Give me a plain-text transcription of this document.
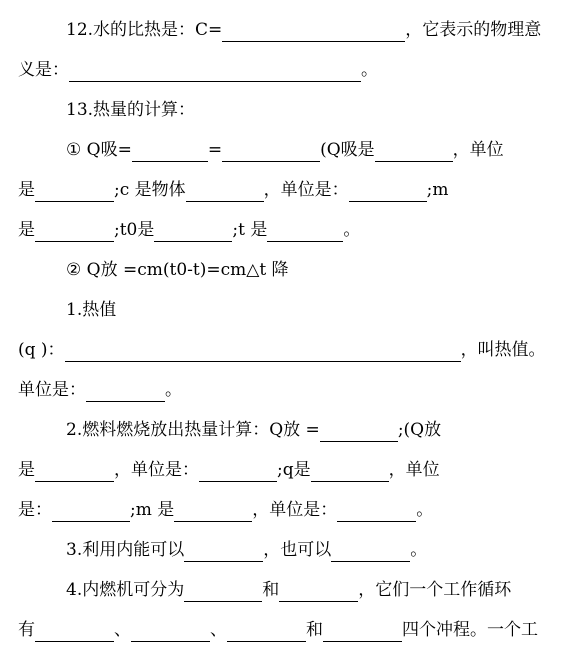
12.水的比热是：C=	，它表示的物理意
义是：	。
13.热量的计算：
① Q吸=	=	(Q吸是	，单位
是	;c 是物体	，单位是：	;m
是	;t0是	;t 是	。
② Q放 =cm(t0-t)=cm△t 降
1.热值
(q )：	，叫热值。
单位是：	。
2.燃料燃烧放出热量计算：Q放 =	;(Q放
是	，单位是：	;q是	，单位
是：	;m 是	，单位是：	。
3.利用内能可以	，也可以	。
4.内燃机可分为	和	，它们一个工作循环
有	、	、	和	四个冲程。一个工
